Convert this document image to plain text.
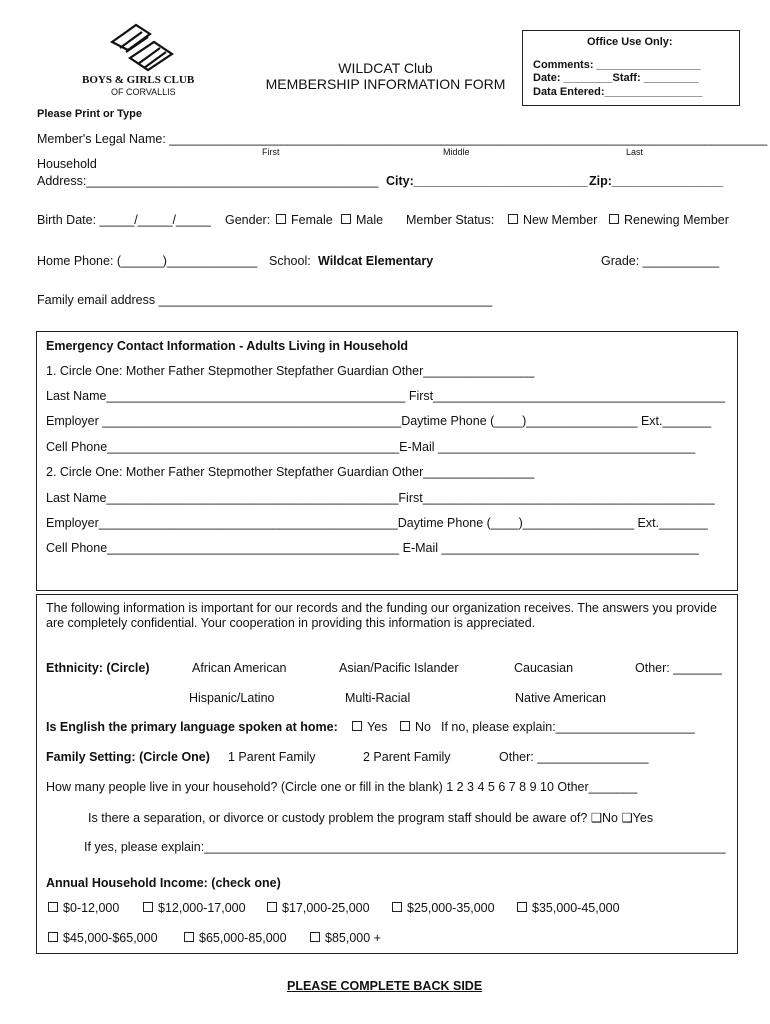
BOYS & GIRLS CLUB
OF CORVALLIS
WILDCAT Club
MEMBERSHIP INFORMATION FORM
Office Use Only:
Comments: _________________
Date: ________Staff: _________
Data Entered:________________
Please Print or Type
Member's Legal Name: ______________________________________________________________________________________
First	Middle	Last
Household
Address:__________________________________________ City:_________________________ Zip:________________
Birth Date: _____/_____/_____ Gender:	Female	Male Member Status:	New Member	Renewing Member
Home Phone: (______)_____________ School: Wildcat Elementary	Grade: ___________
Family email address ________________________________________________
Emergency Contact Information - Adults Living in Household
1. Circle One: Mother Father Stepmother Stepfather Guardian Other________________
Last Name___________________________________________ First__________________________________________
Employer ___________________________________________Daytime Phone (____)________________ Ext._______
Cell Phone__________________________________________E-Mail _____________________________________
2. Circle One: Mother Father Stepmother Stepfather Guardian Other________________
Last Name__________________________________________First__________________________________________
Employer___________________________________________Daytime Phone (____)________________ Ext._______
Cell Phone__________________________________________ E-Mail _____________________________________
The following information is important for our records and the funding our organization receives. The answers you provide
are completely confidential. Your cooperation in providing this information is appreciated.
Ethnicity: (Circle)	African American	Asian/Pacific Islander	Caucasian	Other: _______
Hispanic/Latino	Multi-Racial	Native American
Is English the primary language spoken at home:	Yes	No If no, please explain:____________________
Family Setting: (Circle One) 1 Parent Family	2 Parent Family	Other: ________________
How many people live in your household? (Circle one or fill in the blank) 1 2 3 4 5 6 7 8 9 10 Other_______
Is there a separation, or divorce or custody problem the program staff should be aware of? ❑No ❑Yes
If yes, please explain:___________________________________________________________________________
Annual Household Income: (check one)
$0-12,000	$12,000-17,000	$17,000-25,000	$25,000-35,000	$35,000-45,000
$45,000-$65,000	$65,000-85,000	$85,000 +
PLEASE COMPLETE BACK SIDE
